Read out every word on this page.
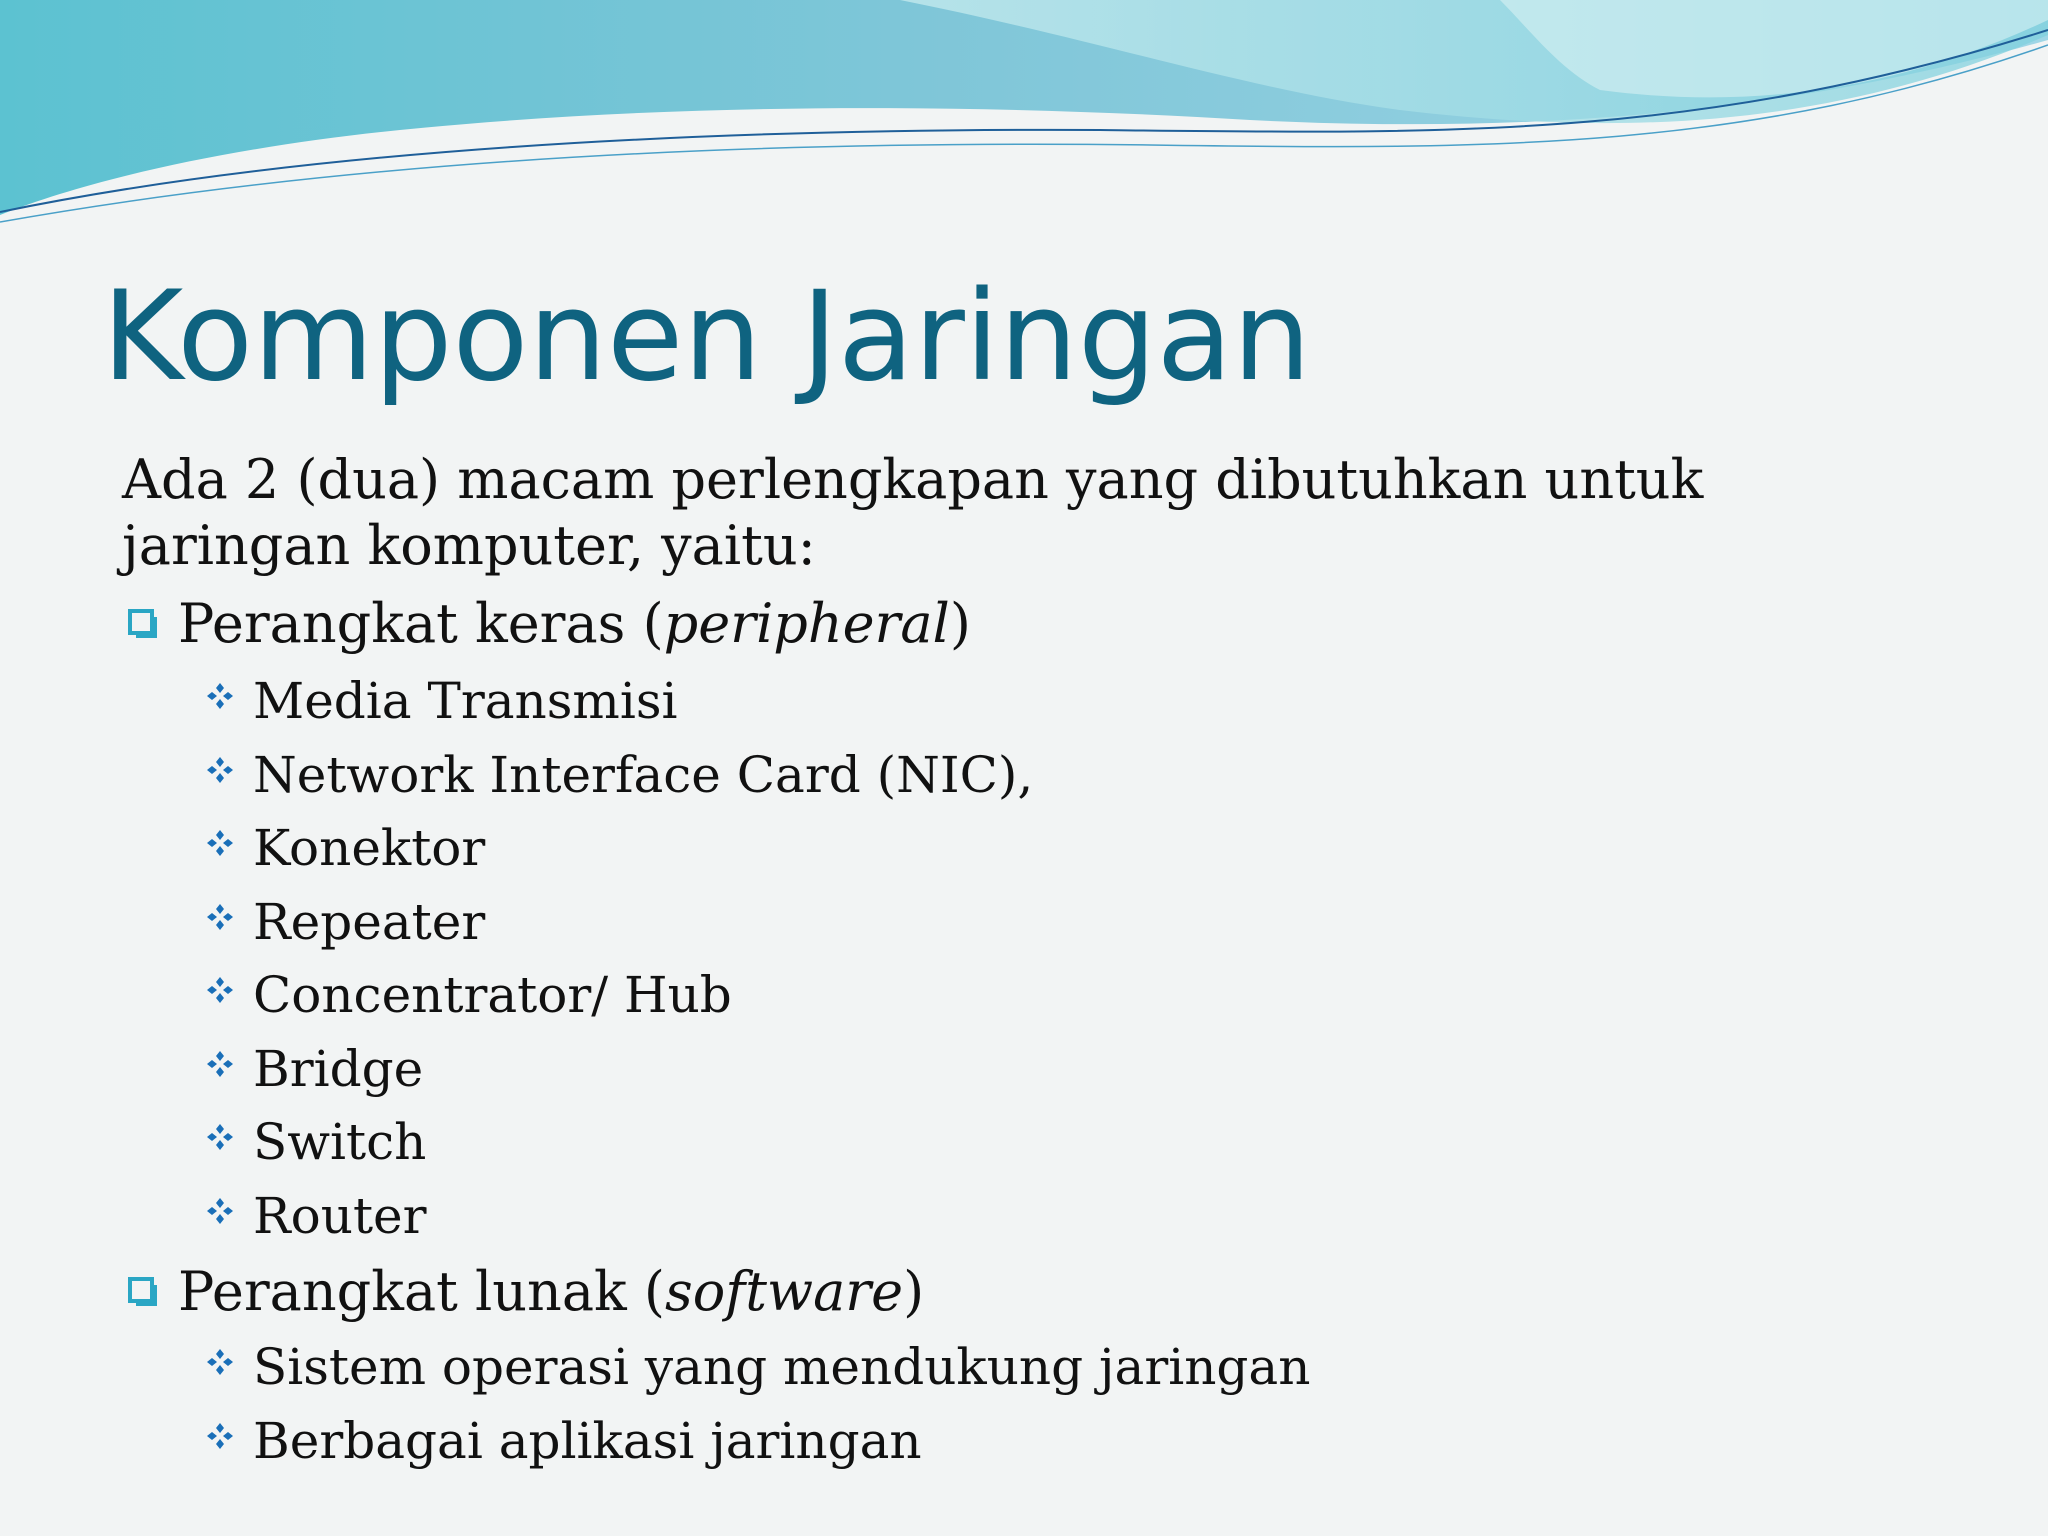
Komponen Jaringan

Ada 2 (dua) macam perlengkapan yang dibutuhkan untuk jaringan komputer, yaitu:

Perangkat keras (peripheral)
Media Transmisi
Network Interface Card (NIC),
Konektor
Repeater
Concentrator/ Hub
Bridge
Switch
Router
Perangkat lunak (software)
Sistem operasi yang mendukung jaringan
Berbagai aplikasi jaringan
